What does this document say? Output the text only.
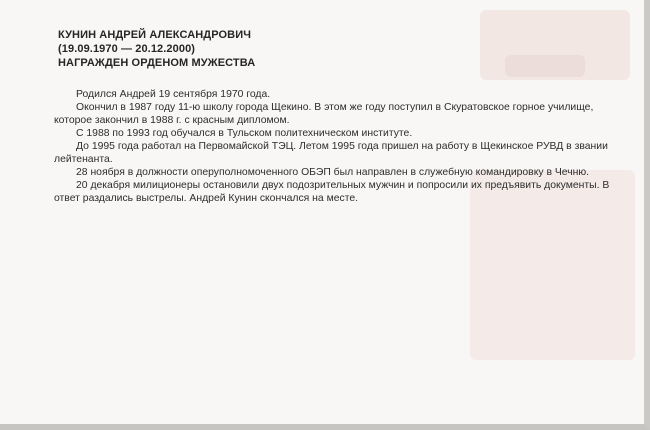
КУНИН АНДРЕЙ АЛЕКСАНДРОВИЧ

(19.09.1970 — 20.12.2000)

НАГРАЖДЕН ОРДЕНОМ МУЖЕСТВА

Родился Андрей 19 сентября 1970 года.

Окончил в 1987 году 11-ю школу города Щекино. В этом же году поступил в Скуратовское горное училище, которое закончил в 1988 г. с красным дипломом.

С 1988 по 1993 год обучался в Тульском политехническом институте.

До 1995 года работал на Первомайской ТЭЦ. Летом 1995 года пришел на работу в Щекинское РУВД в звании лейтенанта.

28 ноября в должности оперуполномоченного ОБЭП был направлен в служебную командировку в Чечню.

20 декабря милиционеры остановили двух подозрительных мужчин и попросили их предъявить документы. В ответ раздались выстрелы. Андрей Кунин скончался на месте.
